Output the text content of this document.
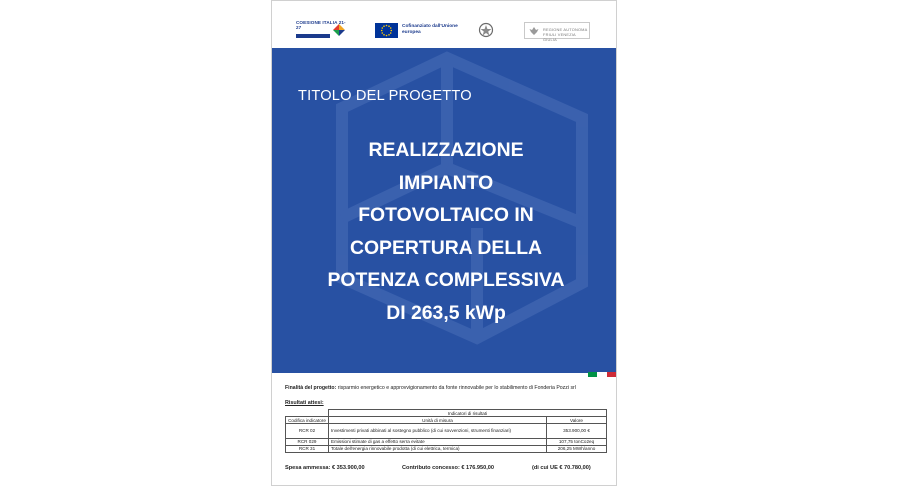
COESIONE ITALIA 21-27	Cofinanziato dall'Unione europea
REGIONE AUTONOMA FRIULI VENEZIA GIULIA
TITOLO DEL PROGETTO
REALIZZAZIONE
IMPIANTO
FOTOVOLTAICO IN
COPERTURA DELLA
POTENZA COMPLESSIVA
DI 263,5 kWp
Finalità del progetto: risparmio energetico e approvvigionamento da fonte rinnovabile per lo stabilimento di Fonderia Pozzi srl
Risultati attesi:
	Indicatori di risultati	
Codifica indicatore	Unità di misura	Valore
RCR 02	Investimenti privati abbinati al sostegno pubblico (di cui sovvenzioni, strumenti finanziari)	353.900,00 €
RCR 029	Emissioni stimate di gas a effetto serra evitate	107,75 tonCo2eq
RCR 31	Totale dell'energia rinnovabile prodotta (di cui elettrica, termica)	206,25 MWh/anno
Spesa ammessa: € 353.900,00	Contributo concesso: € 176.950,00	(di cui UE € 70.780,00)
